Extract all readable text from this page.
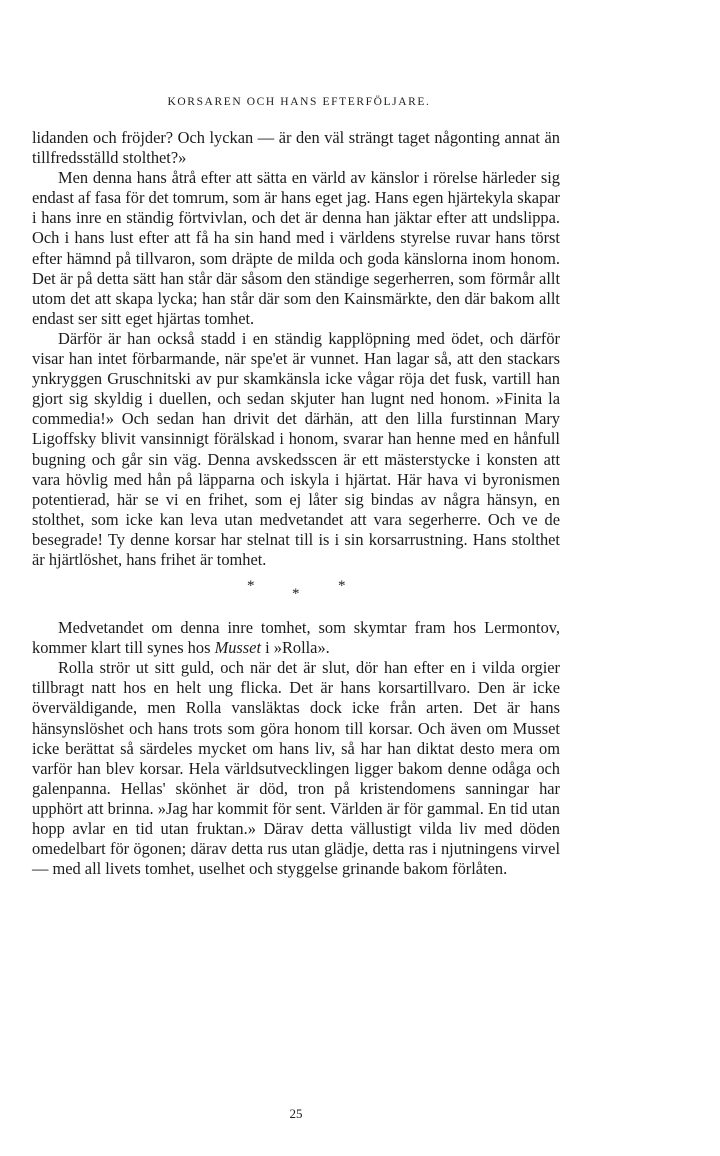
KORSAREN OCH HANS EFTERFÖLJARE.

lidanden och fröjder? Och lyckan — är den väl strängt taget någonting annat än tillfredsställd stolthet?»

Men denna hans åtrå efter att sätta en värld av känslor i rörelse härleder sig endast af fasa för det tomrum, som är hans eget jag. Hans egen hjärtekyla skapar i hans inre en ständig förtvivlan, och det är denna han jäktar efter att undslippa. Och i hans lust efter att få ha sin hand med i världens styrelse ruvar hans törst efter hämnd på tillvaron, som dräpte de milda och goda känslorna inom honom. Det är på detta sätt han står där såsom den ständige segerherren, som förmår allt utom det att skapa lycka; han står där som den Kainsmärkte, den där bakom allt endast ser sitt eget hjärtas tomhet.

Därför är han också stadd i en ständig kapplöpning med ödet, och därför visar han intet förbarmande, när spe'et är vunnet. Han lagar så, att den stackars ynkryggen Gruschnitski av pur skamkänsla icke vågar röja det fusk, vartill han gjort sig skyldig i duellen, och sedan skjuter han lugnt ned honom. »Finita la commedia!» Och sedan han drivit det därhän, att den lilla furstinnan Mary Ligoffsky blivit vansinnigt förälskad i honom, svarar han henne med en hånfull bugning och går sin väg. Denna avskedsscen är ett mästerstycke i konsten att vara hövlig med hån på läpparna och iskyla i hjärtat. Här hava vi byronismen potentierad, här se vi en frihet, som ej låter sig bindas av några hänsyn, en stolthet, som icke kan leva utan medvetandet att vara segerherre. Och ve de besegrade! Ty denne korsar har stelnat till is i sin korsarrustning. Hans stolthet är hjärtlöshet, hans frihet är tomhet.

*	*	*

Medvetandet om denna inre tomhet, som skymtar fram hos Lermontov, kommer klart till synes hos Musset i »Rolla».

Rolla strör ut sitt guld, och när det är slut, dör han efter en i vilda orgier tillbragt natt hos en helt ung flicka. Det är hans korsartillvaro. Den är icke överväldigande, men Rolla vansläktas dock icke från arten. Det är hans hänsynslöshet och hans trots som göra honom till korsar. Och även om Musset icke berättat så särdeles mycket om hans liv, så har han diktat desto mera om varför han blev korsar. Hela världsutvecklingen ligger bakom denne odåga och galenpanna. Hellas' skönhet är död, tron på kristendomens sanningar har upphört att brinna. »Jag har kommit för sent. Världen är för gammal. En tid utan hopp avlar en tid utan fruktan.» Därav detta vällustigt vilda liv med döden omedelbart för ögonen; därav detta rus utan glädje, detta ras i njutningens virvel — med all livets tomhet, uselhet och styggelse grinande bakom förlåten.

25
